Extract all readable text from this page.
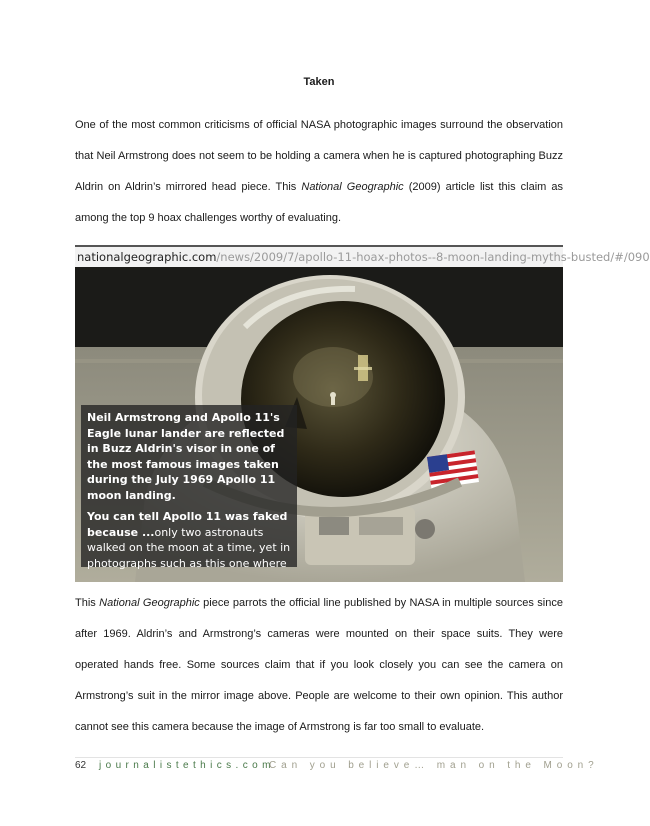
Taken

One of the most common criticisms of official NASA photographic images surround the observation that Neil Armstrong does not seem to be holding a camera when he is captured photographing Buzz Aldrin on Aldrin’s mirrored head piece. This National Geographic (2009) article list this claim as among the top 9 hoax challenges worthy of evaluating.

nationalgeographic.com/news/2009/7/apollo-11-hoax-photos--8-moon-landing-myths-busted/#/090

Neil Armstrong and Apollo 11's Eagle lunar lander are reflected in Buzz Aldrin's visor in one of the most famous images taken during the July 1969 Apollo 11 moon landing.

You can tell Apollo 11 was faked because ...only two astronauts walked on the moon at a time, yet in photographs such as this one where

This National Geographic piece parrots the official line published by NASA in multiple sources since after 1969. Aldrin’s and Armstrong’s cameras were mounted on their space suits. They were operated hands free. Some sources claim that if you look closely you can see the camera on Armstrong’s suit in the mirror image above. People are welcome to their own opinion. This author cannot see this camera because the image of Armstrong is far too small to evaluate.

62 journalistethics.com
Can you believe… man on the Moon?
